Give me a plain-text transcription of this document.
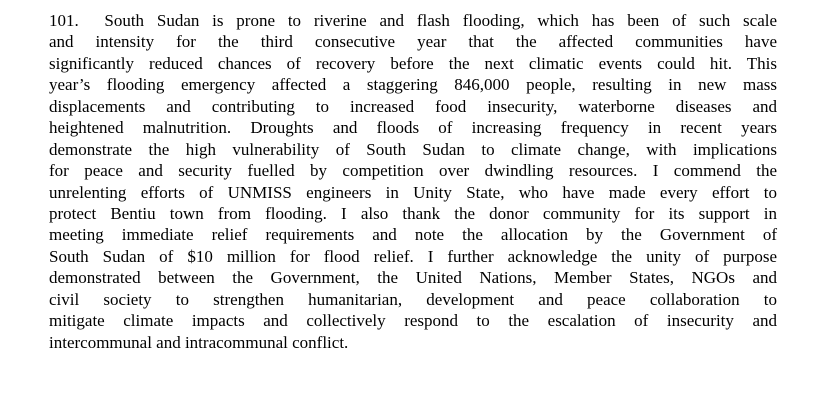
101. South Sudan is prone to riverine and flash flooding, which has been of such scale
and intensity for the third consecutive year that the affected communities have
significantly reduced chances of recovery before the next climatic events could hit. This
year’s flooding emergency affected a staggering 846,000 people, resulting in new mass
displacements and contributing to increased food insecurity, waterborne diseases and
heightened malnutrition. Droughts and floods of increasing frequency in recent years
demonstrate the high vulnerability of South Sudan to climate change, with implications
for peace and security fuelled by competition over dwindling resources. I commend the
unrelenting efforts of UNMISS engineers in Unity State, who have made every effort to
protect Bentiu town from flooding. I also thank the donor community for its support in
meeting immediate relief requirements and note the allocation by the Government of
South Sudan of $10 million for flood relief. I further acknowledge the unity of purpose
demonstrated between the Government, the United Nations, Member States, NGOs and
civil society to strengthen humanitarian, development and peace collaboration to
mitigate climate impacts and collectively respond to the escalation of insecurity and
intercommunal and intracommunal conflict.
